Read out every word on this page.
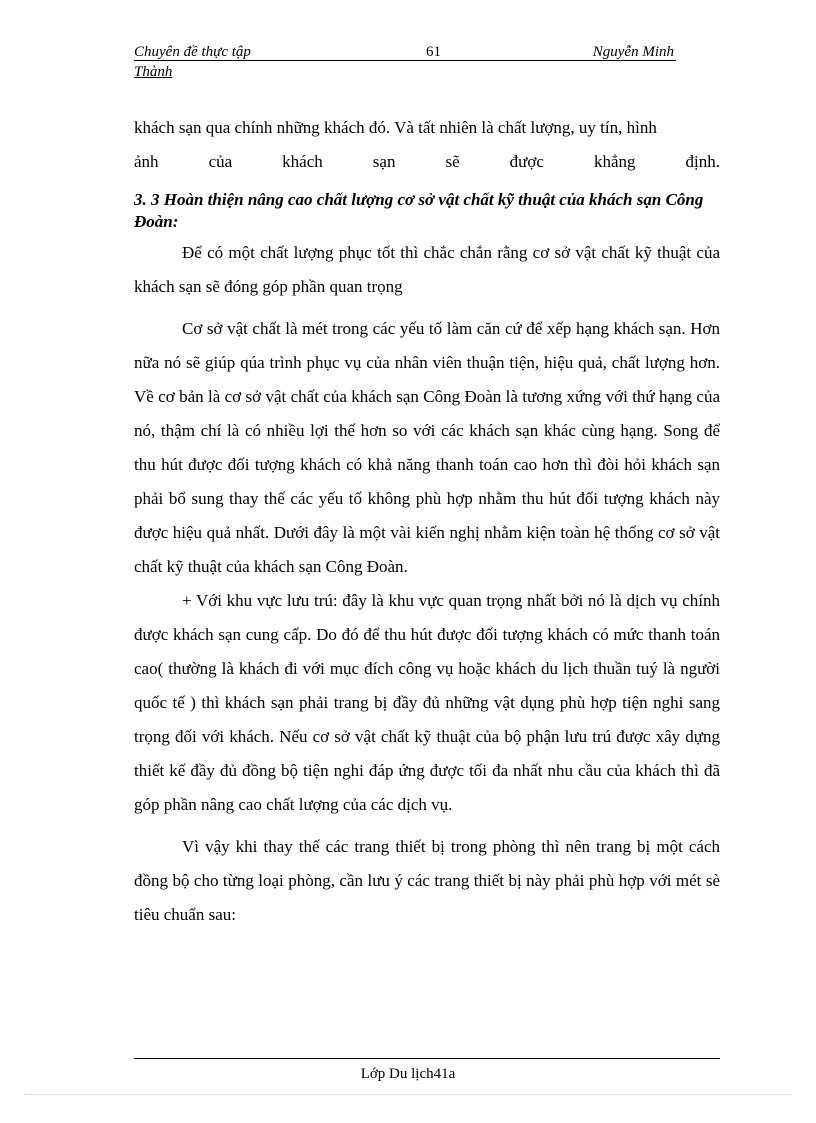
Chuyên đề thực tập	61	Nguyễn Minh
Thành

khách sạn qua chính những khách đó. Và tất nhiên là chất lượng, uy tín, hình

ảnh của khách sạn sẽ được khẳng định.

3. 3 Hoàn thiện nâng cao chất lượng cơ sở vật chất kỹ thuật của khách sạn Công Đoàn:

Để có một chất lượng phục tốt thì chắc chắn rằng cơ sở vật chất kỹ thuật của khách sạn sẽ đóng góp phần quan trọng

Cơ sở vật chất là mét trong các yếu tố làm căn cứ để xếp hạng khách sạn. Hơn nữa nó sẽ giúp qúa trình phục vụ của nhân viên thuận tiện, hiệu quả, chất lượng hơn. Về cơ bản là cơ sở vật chất của khách sạn Công Đoàn là tương xứng với thứ hạng của nó, thậm chí là có nhiều lợi thế hơn so với các khách sạn khác cùng hạng. Song để thu hút được đối tượng khách có khả năng thanh toán cao hơn thì đòi hỏi khách sạn phải bổ sung thay thế các yếu tố không phù hợp nhằm thu hút đối tượng khách này được hiệu quả nhất. Dưới đây là một vài kiến nghị nhằm kiện toàn hệ thống cơ sở vật chất kỹ thuật của khách sạn Công Đoàn.

+ Với khu vực lưu trú: đây là khu vực quan trọng nhất bởi nó là dịch vụ chính được khách sạn cung cấp. Do đó để thu hút được đối tượng khách có mức thanh toán cao( thường là khách đi với mục đích công vụ hoặc khách du lịch thuần tuý là người quốc tế ) thì khách sạn phải trang bị đầy đủ những vật dụng phù hợp tiện nghi sang trọng đối với khách. Nếu cơ sở vật chất kỹ thuật của bộ phận lưu trú được xây dựng thiết kế đầy đủ đồng bộ tiện nghi đáp ứng được tối đa nhất nhu cầu của khách thì đã góp phần nâng cao chất lượng của các dịch vụ.

Vì vậy khi thay thế các trang thiết bị trong phòng thì nên trang bị một cách đồng bộ cho từng loại phòng, cần lưu ý các trang thiết bị này phải phù hợp với mét sè tiêu chuẩn sau:

Lớp Du lịch41a
